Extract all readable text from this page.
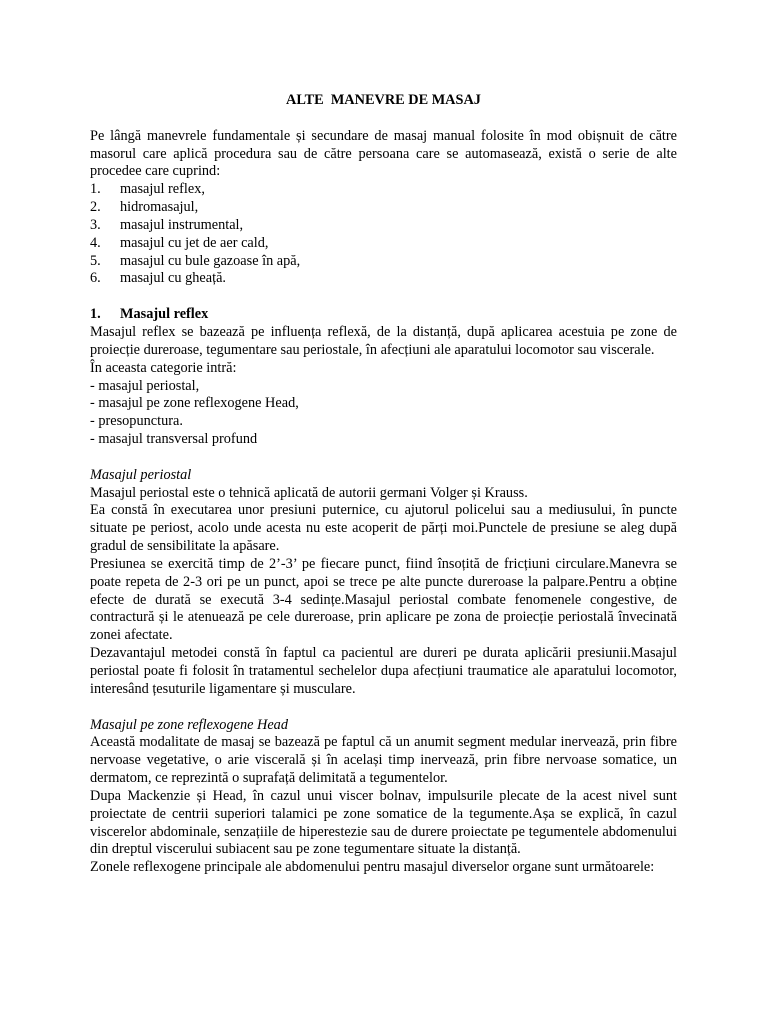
ALTE  MANEVRE DE MASAJ

Pe lângă manevrele fundamentale și secundare de masaj manual folosite în mod obișnuit de către masorul care aplică procedura sau de către persoana care se automasează, există o serie de alte procedee care cuprind:

1.	masajul reflex,
2.	hidromasajul,
3.	masajul instrumental,
4.	masajul cu jet de aer cald,
5.	masajul cu bule gazoase în apă,
6.	masajul cu gheață.
1.	Masajul reflex

Masajul reflex se bazează pe influența reflexă, de la distanță, după aplicarea acestuia pe zone de proiecție dureroase, tegumentare sau periostale, în afecțiuni ale aparatului locomotor sau viscerale.

În aceasta categorie intră:

- masajul periostal,
- masajul pe zone reflexogene Head,
- presopunctura.
- masajul transversal profund

Masajul periostal

Masajul periostal este o tehnică aplicată de autorii germani Volger și Krauss.

Ea constă în executarea unor presiuni puternice, cu ajutorul policelui sau a mediusului, în puncte situate pe periost, acolo unde acesta nu este acoperit de părți moi.Punctele de presiune se aleg după gradul de sensibilitate la apăsare.

Presiunea se exercită timp de 2’-3’ pe fiecare punct, fiind însoțită de fricțiuni circulare.Manevra se poate repeta de 2-3 ori pe un punct, apoi se trece pe alte puncte dureroase la palpare.Pentru a obține efecte de durată se execută 3-4 sedințe.Masajul periostal combate fenomenele congestive, de contractură și le atenuează pe cele dureroase, prin aplicare pe zona de proiecție periostală învecinată zonei afectate.

Dezavantajul metodei constă în faptul ca pacientul are dureri pe durata aplicării presiunii.Masajul periostal poate fi folosit în tratamentul sechelelor dupa afecțiuni traumatice ale aparatului locomotor, interesând țesuturile ligamentare și musculare.

Masajul pe zone reflexogene Head

Această modalitate de masaj se bazează pe faptul că un anumit segment medular inervează, prin fibre nervoase vegetative, o arie viscerală și în același timp inervează, prin fibre nervoase somatice, un dermatom, ce reprezintă o suprafață delimitată a tegumentelor.

Dupa Mackenzie și Head, în cazul unui viscer bolnav, impulsurile plecate de la acest nivel sunt proiectate de centrii superiori talamici pe zone somatice de la tegumente.Așa se explică, în cazul viscerelor abdominale, senzațiile de hiperestezie sau de durere proiectate pe tegumentele abdomenului din dreptul viscerului subiacent sau pe zone tegumentare situate la distanță.

Zonele reflexogene principale ale abdomenului pentru masajul diverselor organe sunt următoarele:
